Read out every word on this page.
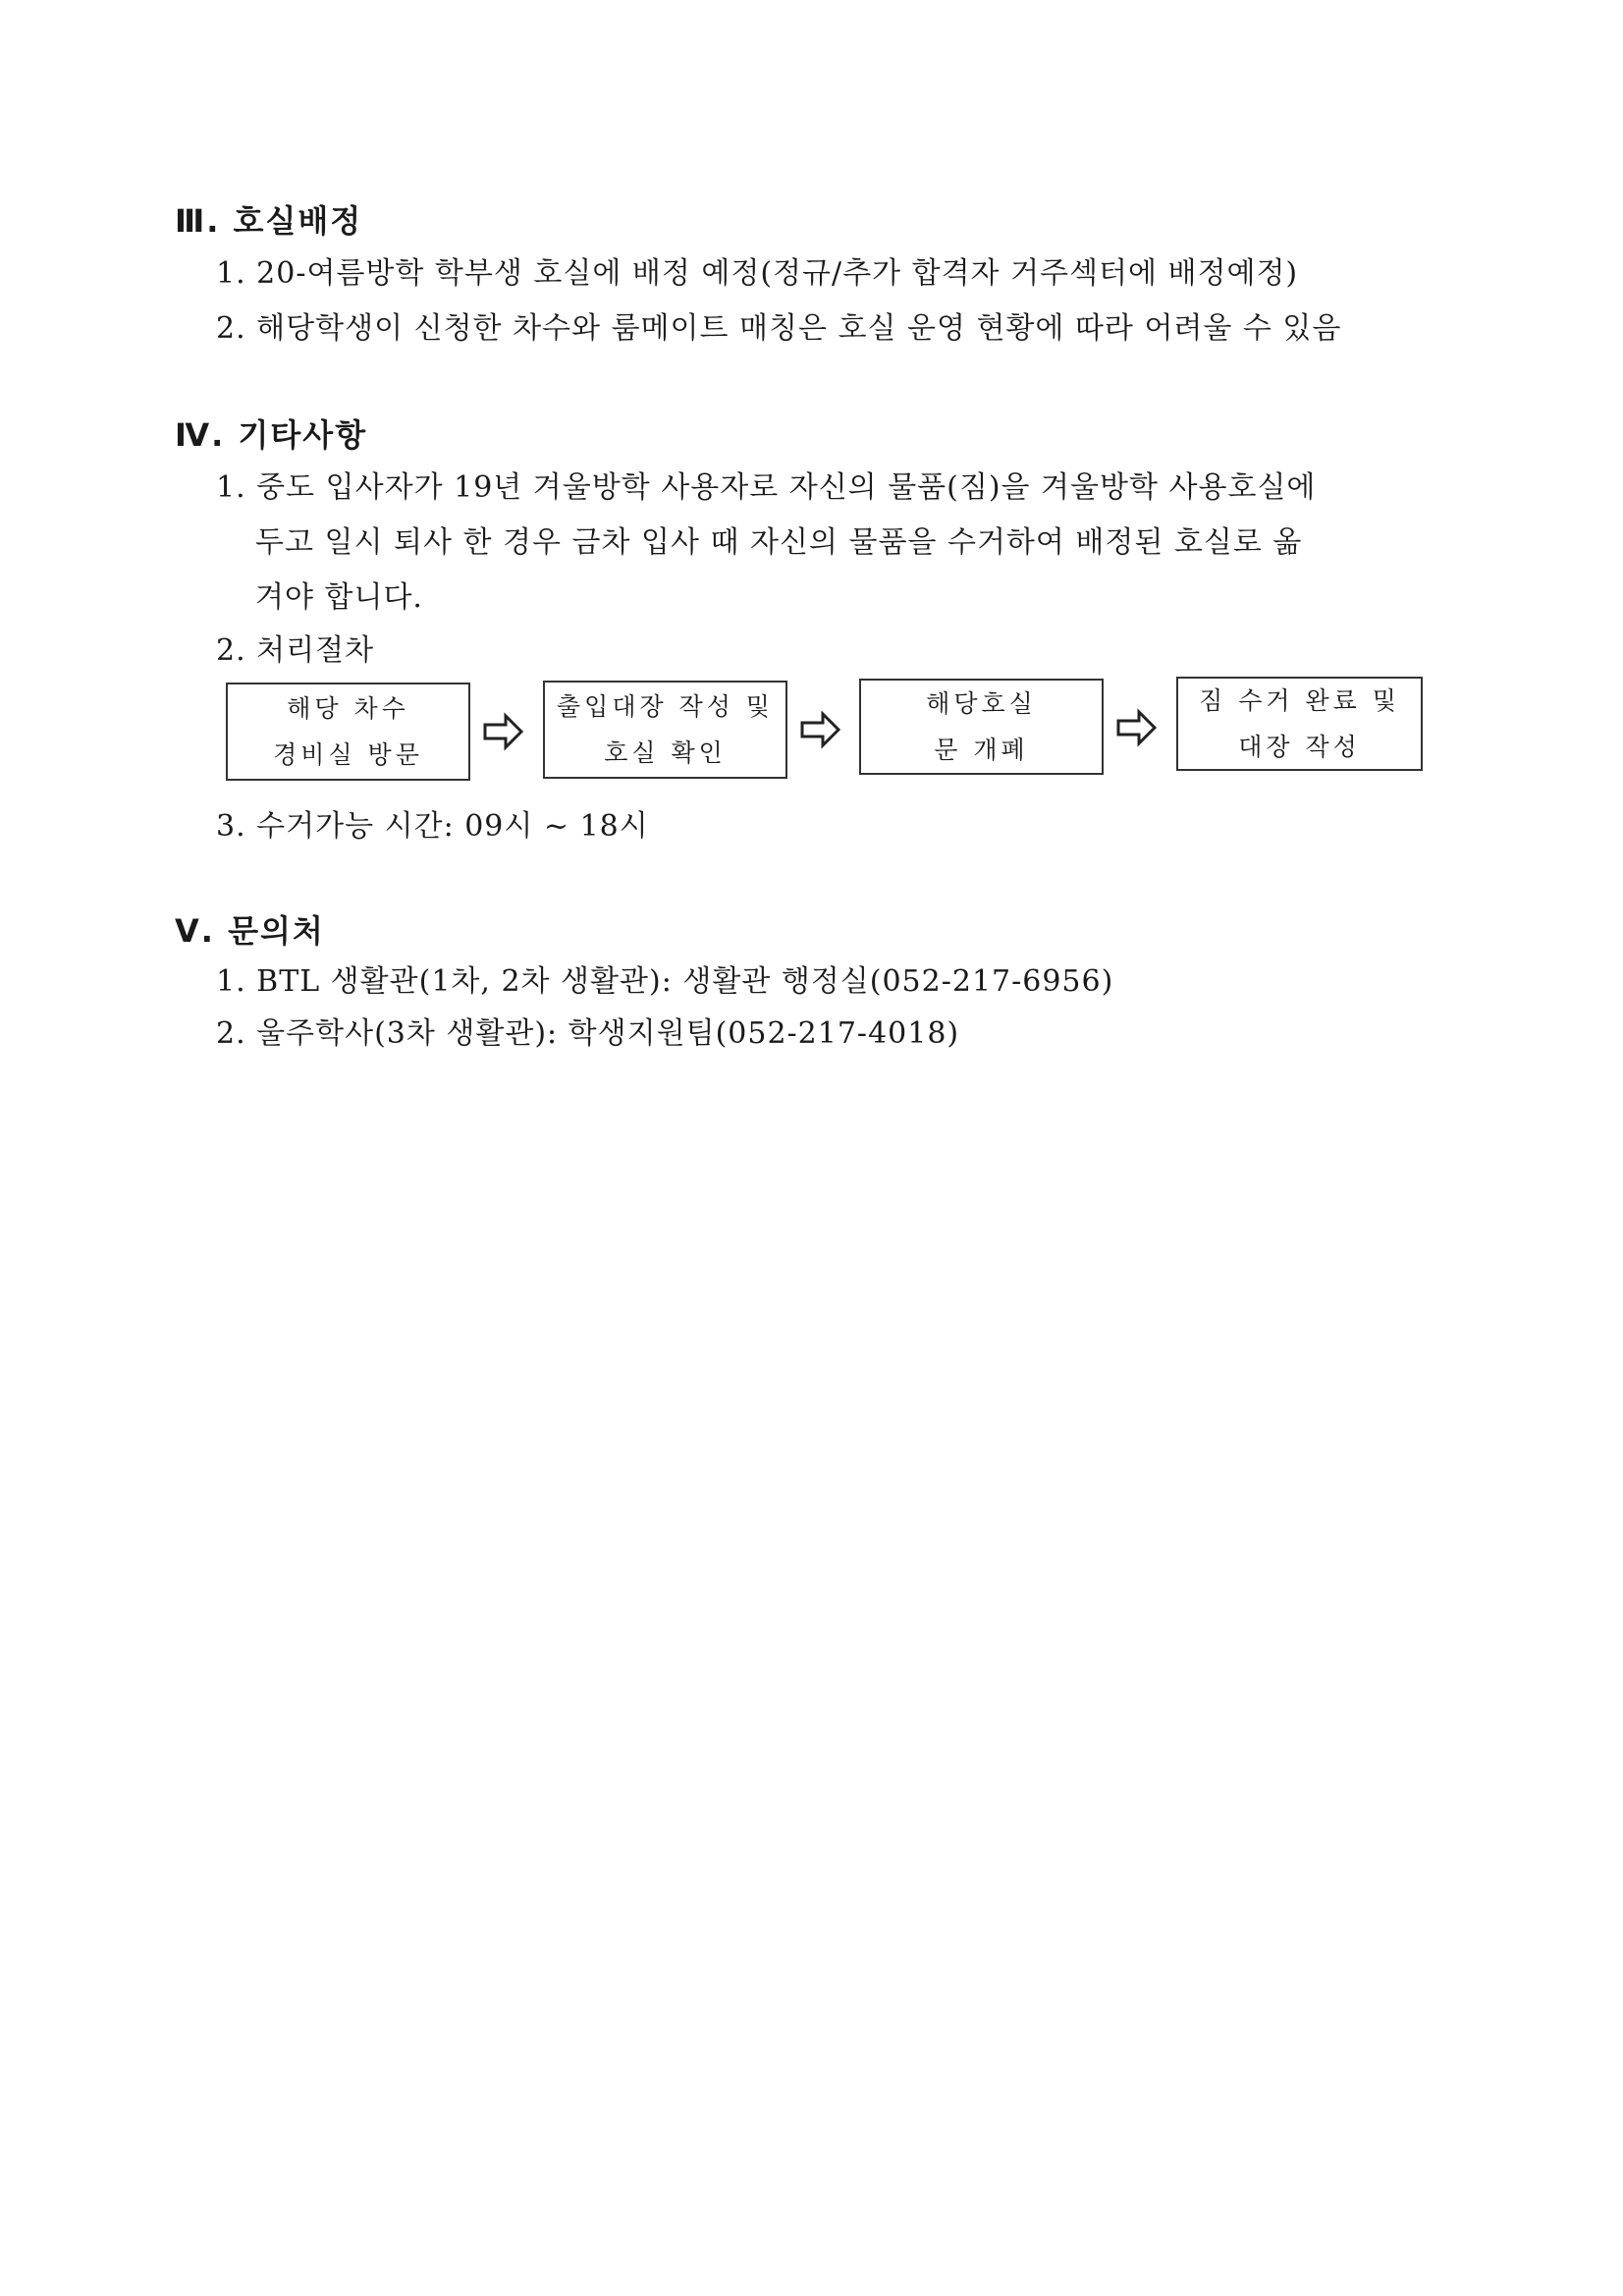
Ⅲ. 호실배정
1. 20-여름방학 학부생 호실에 배정 예정(정규/추가 합격자 거주섹터에 배정예정)
2. 해당학생이 신청한 차수와 룸메이트 매칭은 호실 운영 현황에 따라 어려울 수 있음
Ⅳ. 기타사항
1. 중도 입사자가 19년 겨울방학 사용자로 자신의 물품(짐)을 겨울방학 사용호실에
두고 일시 퇴사 한 경우 금차 입사 때 자신의 물품을 수거하여 배정된 호실로 옮
겨야 합니다.
2. 처리절차
해당 차수
경비실 방문
출입대장 작성 및
호실 확인
해당호실
문 개폐
짐 수거 완료 및
대장 작성
3. 수거가능 시간: 09시 ~ 18시
Ⅴ. 문의처
1. BTL 생활관(1차, 2차 생활관): 생활관 행정실(052-217-6956)
2. 울주학사(3차 생활관): 학생지원팀(052-217-4018)
